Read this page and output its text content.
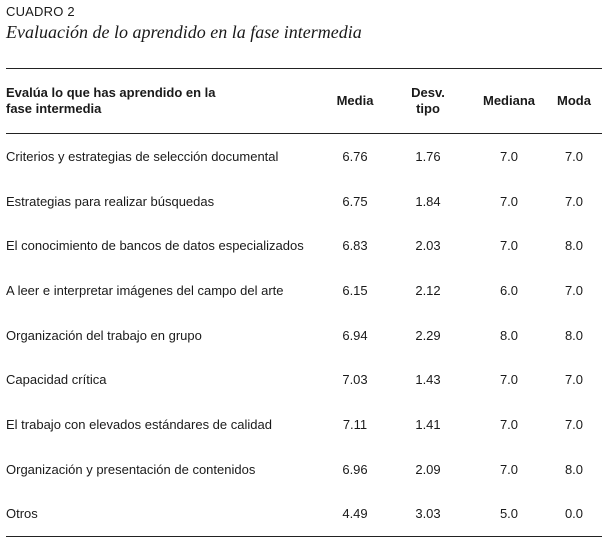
CUADRO 2
Evaluación de lo aprendido en la fase intermedia
Evalúa lo que has aprendido en la fase intermedia	Media	Desv. tipo	Mediana	Moda
Criterios y estrategias de selección documental	6.76	1.76	7.0	7.0
Estrategias para realizar búsquedas	6.75	1.84	7.0	7.0
El conocimiento de bancos de datos especializados	6.83	2.03	7.0	8.0
A leer e interpretar imágenes del campo del arte	6.15	2.12	6.0	7.0
Organización del trabajo en grupo	6.94	2.29	8.0	8.0
Capacidad crítica	7.03	1.43	7.0	7.0
El trabajo con elevados estándares de calidad	7.11	1.41	7.0	7.0
Organización y presentación de contenidos	6.96	2.09	7.0	8.0
Otros	4.49	3.03	5.0	0.0
